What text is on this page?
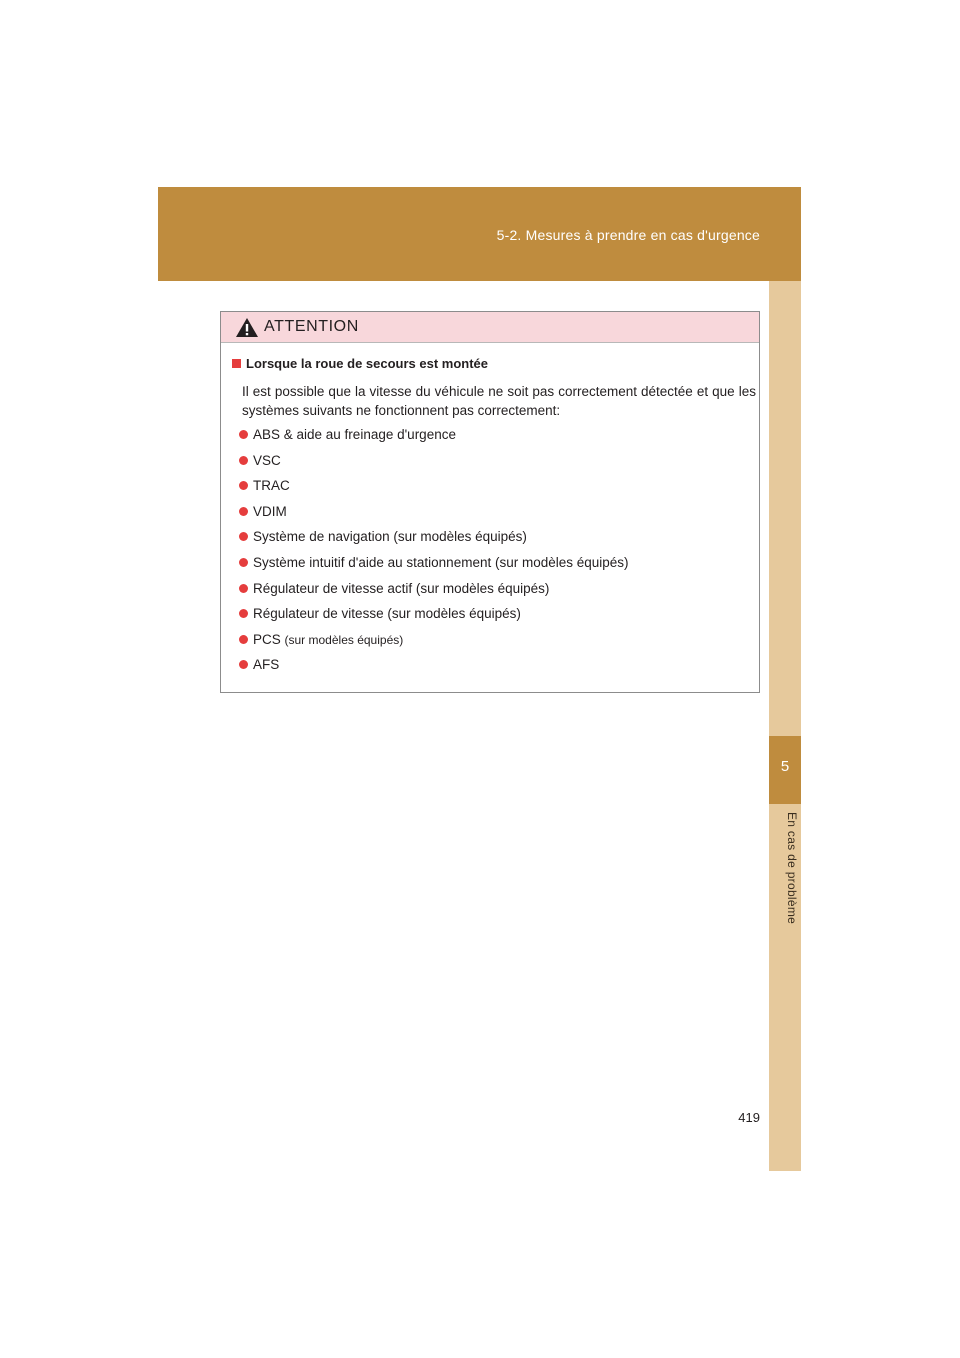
5-2. Mesures à prendre en cas d'urgence
5
En cas de problème
ATTENTION
Lorsque la roue de secours est montée
Il est possible que la vitesse du véhicule ne soit pas correctement détectée et que les systèmes suivants ne fonctionnent pas correctement:
ABS & aide au freinage d'urgence
VSC
TRAC
VDIM
Système de navigation (sur modèles équipés)
Système intuitif d'aide au stationnement (sur modèles équipés)
Régulateur de vitesse actif (sur modèles équipés)
Régulateur de vitesse (sur modèles équipés)
PCS (sur modèles équipés)
AFS
419
